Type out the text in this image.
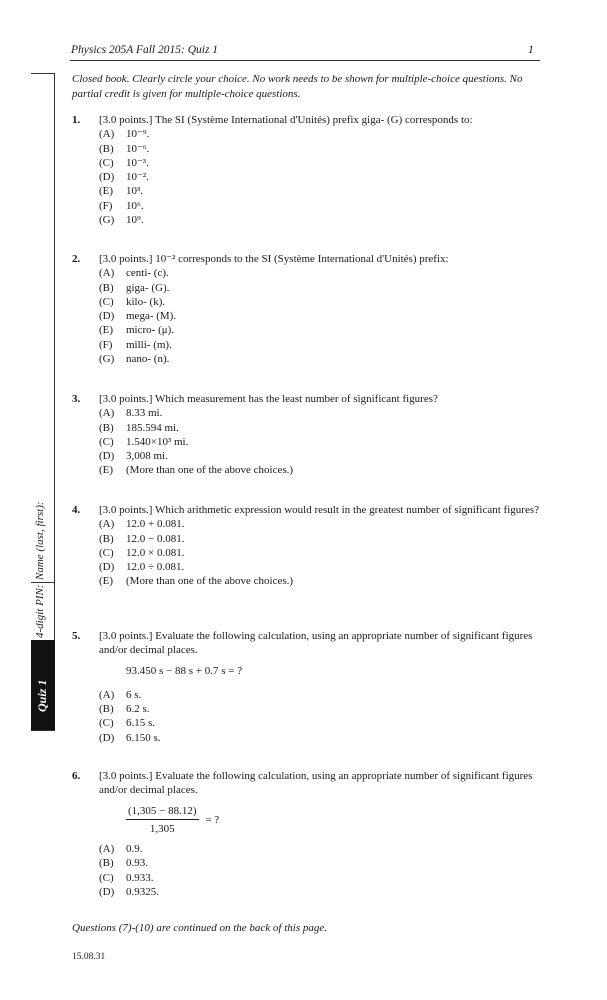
Physics 205A Fall 2015: Quiz 1	1
Name (last, first):
4-digit PIN:
Quiz 1
Closed book. Clearly circle your choice. No work needs to be shown for multiple-choice questions. No partial credit is given for multiple-choice questions.
1. [3.0 points.] The SI (Système International d'Unités) prefix giga- (G) corresponds to:
(A) 10⁻⁹.
(B) 10⁻⁶.
(C) 10⁻³.
(D) 10⁻².
(E) 10³.
(F) 10⁶.
(G) 10⁹.
2. [3.0 points.] 10⁻² corresponds to the SI (Système International d'Unités) prefix:
(A) centi- (c).
(B) giga- (G).
(C) kilo- (k).
(D) mega- (M).
(E) micro- (μ).
(F) milli- (m).
(G) nano- (n).
3. [3.0 points.] Which measurement has the least number of significant figures?
(A) 8.33 mi.
(B) 185.594 mi.
(C) 1.540×10³ mi.
(D) 3,008 mi.
(E) (More than one of the above choices.)
4. [3.0 points.] Which arithmetic expression would result in the greatest number of significant figures?
(A) 12.0 + 0.081.
(B) 12.0 − 0.081.
(C) 12.0 × 0.081.
(D) 12.0 ÷ 0.081.
(E) (More than one of the above choices.)
5. [3.0 points.] Evaluate the following calculation, using an appropriate number of significant figures and/or decimal places.
93.450 s − 88 s + 0.7 s = ?
(A) 6 s.
(B) 6.2 s.
(C) 6.15 s.
(D) 6.150 s.
6. [3.0 points.] Evaluate the following calculation, using an appropriate number of significant figures and/or decimal places.
$\frac{(1,305 - 88.12)}{1,305}$ = ?
(A) 0.9.
(B) 0.93.
(C) 0.933.
(D) 0.9325.
Questions (7)-(10) are continued on the back of this page.
15.08.31
